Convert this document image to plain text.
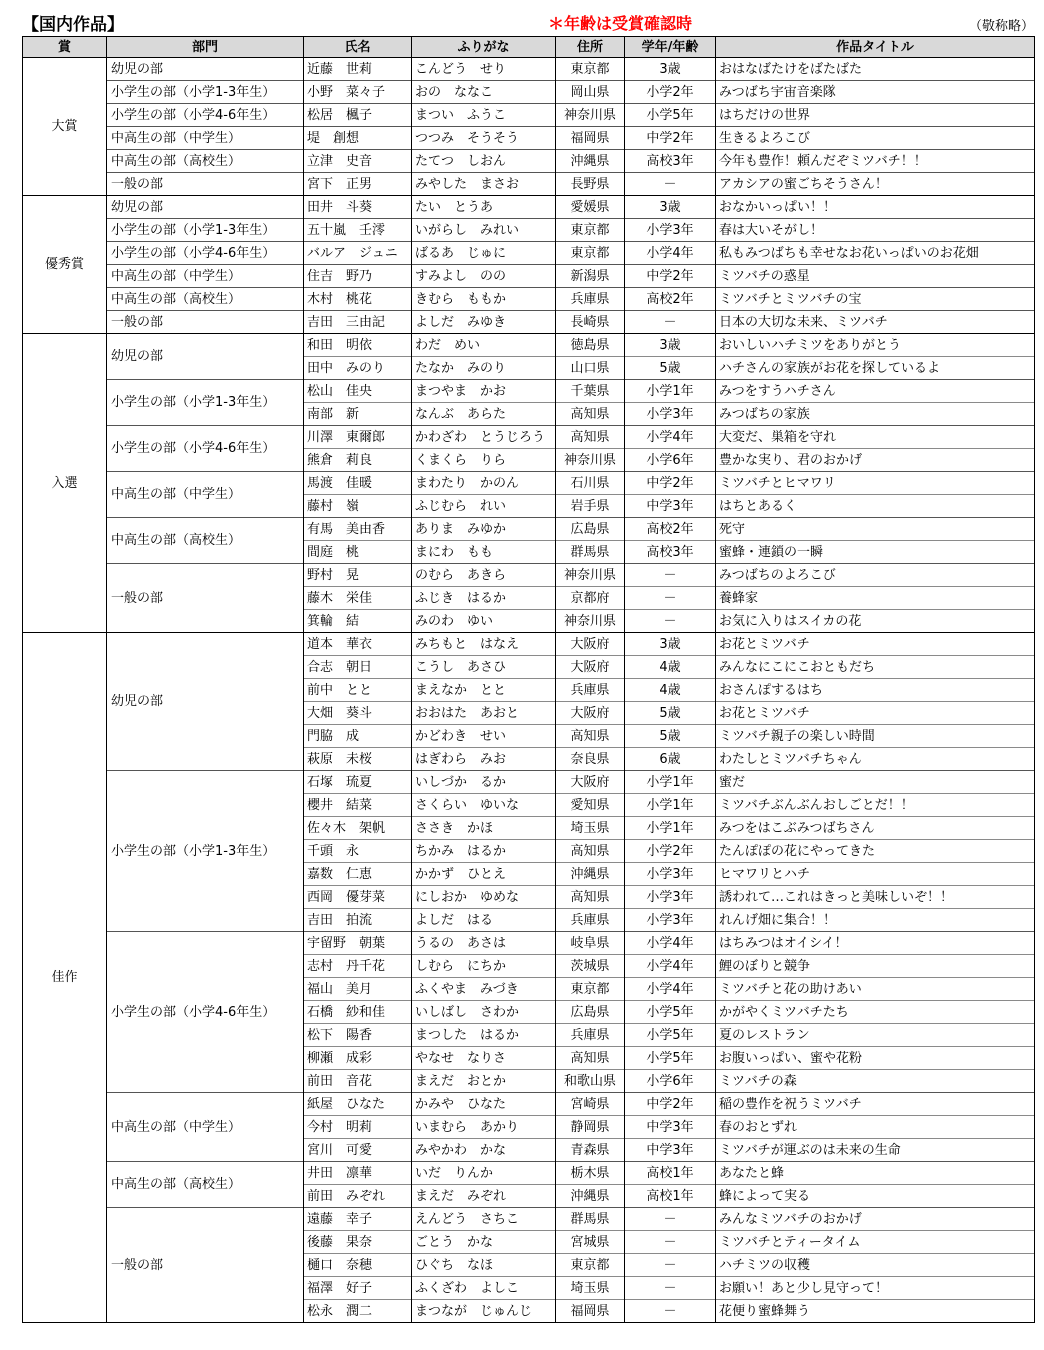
【国内作品】	＊年齢は受賞確認時	（敬称略）
賞	部門	氏名	ふりがな	住所	学年/年齢	作品タイトル
大賞	幼児の部	近藤　世莉	こんどう　せり	東京都	3歳	おはなばたけをばたばた
	小学生の部（小学1-3年生）	小野　菜々子	おの　ななこ	岡山県	小学2年	みつばち宇宙音楽隊
	小学生の部（小学4-6年生）	松居　楓子	まつい　ふうこ	神奈川県	小学5年	はちだけの世界
	中高生の部（中学生）	堤　創想	つつみ　そうそう	福岡県	中学2年	生きるよろこび
	中高生の部（高校生）	立津　史音	たてつ　しおん	沖縄県	高校3年	今年も豊作！頼んだぞミツバチ！！
	一般の部	宮下　正男	みやした　まさお	長野県	－	アカシアの蜜ごちそうさん！
優秀賞	幼児の部	田井　斗葵	たい　とうあ	愛媛県	3歳	おなかいっぱい！！
	小学生の部（小学1-3年生）	五十嵐　壬澪	いがらし　みれい	東京都	小学3年	春は大いそがし！
	小学生の部（小学4-6年生）	バルア　ジュニ	ばるあ　じゅに	東京都	小学4年	私もみつばちも幸せなお花いっぱいのお花畑
	中高生の部（中学生）	住吉　野乃	すみよし　のの	新潟県	中学2年	ミツバチの惑星
	中高生の部（高校生）	木村　桃花	きむら　ももか	兵庫県	高校2年	ミツバチとミツバチの宝
	一般の部	吉田　三由記	よしだ　みゆき	長崎県	－	日本の大切な未来、ミツバチ
入選	幼児の部	和田　明依	わだ　めい	徳島県	3歳	おいしいハチミツをありがとう
		田中　みのり	たなか　みのり	山口県	5歳	ハチさんの家族がお花を探しているよ
	小学生の部（小学1-3年生）	松山　佳央	まつやま　かお	千葉県	小学1年	みつをすうハチさん
		南部　新	なんぶ　あらた	高知県	小学3年	みつばちの家族
	小学生の部（小学4-6年生）	川澤　東爾郎	かわざわ　とうじろう	高知県	小学4年	大変だ、巣箱を守れ
		熊倉　莉良	くまくら　りら	神奈川県	小学6年	豊かな実り、君のおかげ
	中高生の部（中学生）	馬渡　佳暖	まわたり　かのん	石川県	中学2年	ミツバチとヒマワリ
		藤村　嶺	ふじむら　れい	岩手県	中学3年	はちとあるく
	中高生の部（高校生）	有馬　美由香	ありま　みゆか	広島県	高校2年	死守
		間庭　桃	まにわ　もも	群馬県	高校3年	蜜蜂・連鎖の一瞬
	一般の部	野村　晃	のむら　あきら	神奈川県	－	みつばちのよろこび
		藤木　栄佳	ふじき　はるか	京都府	－	養蜂家
		箕輪　結	みのわ　ゆい	神奈川県	－	お気に入りはスイカの花
佳作	幼児の部	道本　華衣	みちもと　はなえ	大阪府	3歳	お花とミツバチ
		合志　朝日	こうし　あさひ	大阪府	4歳	みんなにこにこおともだち
		前中　とと	まえなか　とと	兵庫県	4歳	おさんぽするはち
		大畑　葵斗	おおはた　あおと	大阪府	5歳	お花とミツバチ
		門脇　成	かどわき　せい	高知県	5歳	ミツバチ親子の楽しい時間
		萩原　未桜	はぎわら　みお	奈良県	6歳	わたしとミツバチちゃん
	小学生の部（小学1-3年生）	石塚　琉夏	いしづか　るか	大阪府	小学1年	蜜だ
		櫻井　結菜	さくらい　ゆいな	愛知県	小学1年	ミツバチぶんぶんおしごとだ！！
		佐々木　架帆	ささき　かほ	埼玉県	小学1年	みつをはこぶみつばちさん
		千頭　永	ちかみ　はるか	高知県	小学2年	たんぽぽの花にやってきた
		嘉数　仁恵	かかず　ひとえ	沖縄県	小学3年	ヒマワリとハチ
		西岡　優芽菜	にしおか　ゆめな	高知県	小学3年	誘われて…これはきっと美味しいぞ！！
		吉田　拍流	よしだ　はる	兵庫県	小学3年	れんげ畑に集合！！
	小学生の部（小学4-6年生）	宇留野　朝葉	うるの　あさは	岐阜県	小学4年	はちみつはオイシイ！
		志村　丹千花	しむら　にちか	茨城県	小学4年	鯉のぼりと競争
		福山　美月	ふくやま　みづき	東京都	小学4年	ミツバチと花の助けあい
		石橋　紗和佳	いしばし　さわか	広島県	小学5年	かがやくミツバチたち
		松下　陽香	まつした　はるか	兵庫県	小学5年	夏のレストラン
		柳瀬　成彩	やなせ　なりさ	高知県	小学5年	お腹いっぱい、蜜や花粉
		前田　音花	まえだ　おとか	和歌山県	小学6年	ミツバチの森
	中高生の部（中学生）	紙屋　ひなた	かみや　ひなた	宮崎県	中学2年	稲の豊作を祝うミツバチ
		今村　明莉	いまむら　あかり	静岡県	中学3年	春のおとずれ
		宮川　可愛	みやかわ　かな	青森県	中学3年	ミツバチが運ぶのは未来の生命
	中高生の部（高校生）	井田　凛華	いだ　りんか	栃木県	高校1年	あなたと蜂
		前田　みぞれ	まえだ　みぞれ	沖縄県	高校1年	蜂によって実る
	一般の部	遠藤　幸子	えんどう　さちこ	群馬県	－	みんなミツバチのおかげ
		後藤　果奈	ごとう　かな	宮城県	－	ミツバチとティータイム
		樋口　奈穂	ひぐち　なほ	東京都	－	ハチミツの収穫
		福澤　好子	ふくざわ　よしこ	埼玉県	－	お願い！あと少し見守って！
		松永　潤二	まつなが　じゅんじ	福岡県	－	花便り蜜蜂舞う
